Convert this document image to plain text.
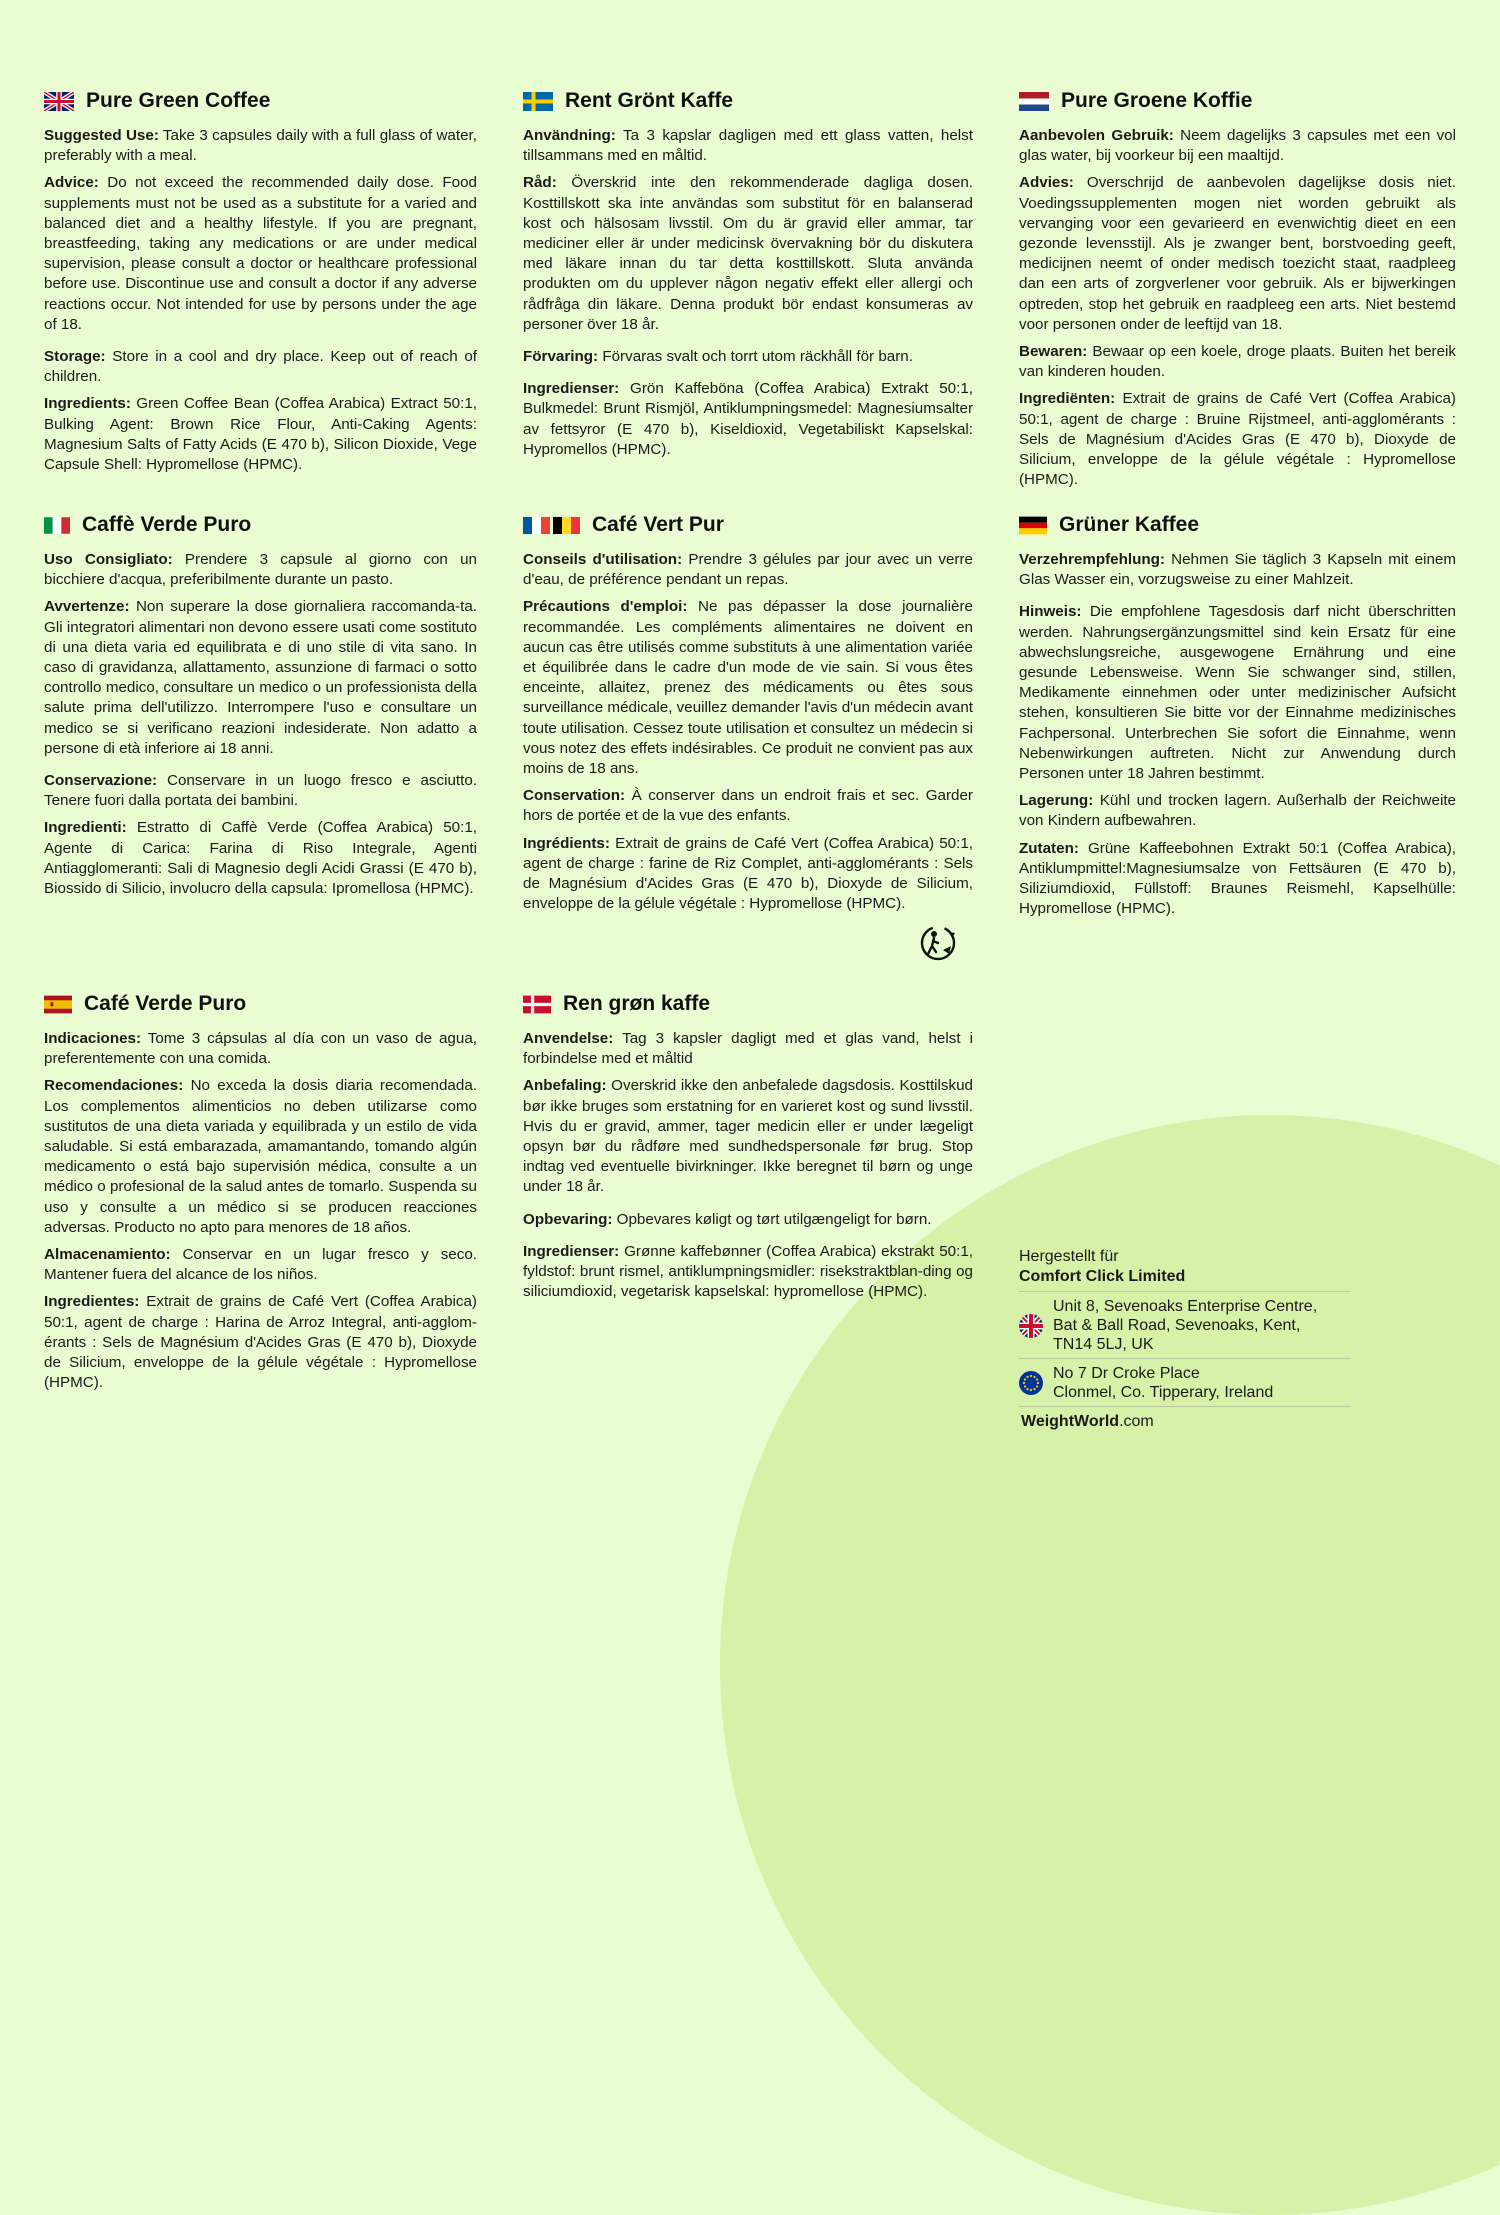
Pure Green Coffee

Suggested Use: Take 3 capsules daily with a full glass of water, preferably with a meal.

Advice: Do not exceed the recommended daily dose. Food supplements must not be used as a substitute for a varied and balanced diet and a healthy lifestyle. If you are pregnant, breastfeeding, taking any medications or are under medical supervision, please consult a doctor or healthcare professional before use. Discontinue use and consult a doctor if any adverse reactions occur. Not intended for use by persons under the age of 18.

Storage: Store in a cool and dry place. Keep out of reach of children.

Ingredients: Green Coffee Bean (Coffea Arabica) Extract 50:1, Bulking Agent: Brown Rice Flour, Anti-Caking Agents: Magnesium Salts of Fatty Acids (E 470 b), Silicon Dioxide, Vege Capsule Shell: Hypromellose (HPMC).

Rent Grönt Kaffe

Användning: Ta 3 kapslar dagligen med ett glass vatten, helst tillsammans med en måltid.

Råd: Överskrid inte den rekommenderade dagliga dosen. Kosttillskott ska inte användas som substitut för en balanserad kost och hälsosam livsstil. Om du är gravid eller ammar, tar mediciner eller är under medicinsk övervakning bör du diskutera med läkare innan du tar detta kosttillskott. Sluta använda produkten om du upplever någon negativ effekt eller allergi och rådfråga din läkare. Denna produkt bör endast konsumeras av personer över 18 år.

Förvaring: Förvaras svalt och torrt utom räckhåll för barn.

Ingredienser: Grön Kaffeböna (Coffea Arabica) Extrakt 50:1, Bulkmedel: Brunt Rismjöl, Antiklumpningsmedel: Magnesiumsalter av fettsyror (E 470 b), Kiseldioxid, Vegetabiliskt Kapselskal: Hypromellos (HPMC).

Pure Groene Koffie

Aanbevolen Gebruik: Neem dagelijks 3 capsules met een vol glas water, bij voorkeur bij een maaltijd.

Advies: Overschrijd de aanbevolen dagelijkse dosis niet. Voedingssupplementen mogen niet worden gebruikt als vervanging voor een gevarieerd en evenwichtig dieet en een gezonde levensstijl. Als je zwanger bent, borstvoeding geeft, medicijnen neemt of onder medisch toezicht staat, raadpleeg dan een arts of zorgverlener voor gebruik. Als er bijwerkingen optreden, stop het gebruik en raadpleeg een arts. Niet bestemd voor personen onder de leeftijd van 18.

Bewaren: Bewaar op een koele, droge plaats. Buiten het bereik van kinderen houden.

Ingrediënten: Extrait de grains de Café Vert (Coffea Arabica) 50:1, agent de charge : Bruine Rijstmeel, anti-agglomérants : Sels de Magnésium d'Acides Gras (E 470 b), Dioxyde de Silicium, enveloppe de la gélule végétale : Hypromellose (HPMC).

Caffè Verde Puro

Uso Consigliato: Prendere 3 capsule al giorno con un bicchiere d'acqua, preferibilmente durante un pasto.

Avvertenze: Non superare la dose giornaliera raccomanda-ta. Gli integratori alimentari non devono essere usati come sostituto di una dieta varia ed equilibrata e di uno stile di vita sano. In caso di gravidanza, allattamento, assunzione di farmaci o sotto controllo medico, consultare un medico o un professionista della salute prima dell'utilizzo. Interrompere l'uso e consultare un medico se si verificano reazioni indesiderate. Non adatto a persone di età inferiore ai 18 anni.

Conservazione: Conservare in un luogo fresco e asciutto. Tenere fuori dalla portata dei bambini.

Ingredienti: Estratto di Caffè Verde (Coffea Arabica) 50:1, Agente di Carica: Farina di Riso Integrale, Agenti Antiagglomeranti: Sali di Magnesio degli Acidi Grassi (E 470 b), Biossido di Silicio, involucro della capsula: Ipromellosa (HPMC).

Café Vert Pur

Conseils d'utilisation: Prendre 3 gélules par jour avec un verre d'eau, de préférence pendant un repas.

Précautions d'emploi: Ne pas dépasser la dose journalière recommandée. Les compléments alimentaires ne doivent en aucun cas être utilisés comme substituts à une alimentation variée et équilibrée dans le cadre d'un mode de vie sain. Si vous êtes enceinte, allaitez, prenez des médicaments ou êtes sous surveillance médicale, veuillez demander l'avis d'un médecin avant toute utilisation. Cessez toute utilisation et consultez un médecin si vous notez des effets indésirables. Ce produit ne convient pas aux moins de 18 ans.

Conservation: À conserver dans un endroit frais et sec. Garder hors de portée et de la vue des enfants.

Ingrédients: Extrait de grains de Café Vert (Coffea Arabica) 50:1, agent de charge : farine de Riz Complet, anti-agglomérants : Sels de Magnésium d'Acides Gras (E 470 b), Dioxyde de Silicium, enveloppe de la gélule végétale : Hypromellose (HPMC).

Grüner Kaffee

Verzehrempfehlung: Nehmen Sie täglich 3 Kapseln mit einem Glas Wasser ein, vorzugsweise zu einer Mahlzeit.

Hinweis: Die empfohlene Tagesdosis darf nicht überschritten werden. Nahrungsergänzungsmittel sind kein Ersatz für eine abwechslungsreiche, ausgewogene Ernährung und eine gesunde Lebensweise. Wenn Sie schwanger sind, stillen, Medikamente einnehmen oder unter medizinischer Aufsicht stehen, konsultieren Sie bitte vor der Einnahme medizinisches Fachpersonal. Unterbrechen Sie sofort die Einnahme, wenn Nebenwirkungen auftreten. Nicht zur Anwendung durch Personen unter 18 Jahren bestimmt.

Lagerung: Kühl und trocken lagern. Außerhalb der Reichweite von Kindern aufbewahren.

Zutaten: Grüne Kaffeebohnen Extrakt 50:1 (Coffea Arabica), Antiklumpmittel:Magnesiumsalze von Fettsäuren (E 470 b), Siliziumdioxid, Füllstoff: Braunes Reismehl, Kapselhülle: Hypromellose (HPMC).

Café Verde Puro

Indicaciones: Tome 3 cápsulas al día con un vaso de agua, preferentemente con una comida.

Recomendaciones: No exceda la dosis diaria recomendada. Los complementos alimenticios no deben utilizarse como sustitutos de una dieta variada y equilibrada y un estilo de vida saludable. Si está embarazada, amamantando, tomando algún medicamento o está bajo supervisión médica, consulte a un médico o profesional de la salud antes de tomarlo. Suspenda su uso y consulte a un médico si se producen reacciones adversas. Producto no apto para menores de 18 años.

Almacenamiento: Conservar en un lugar fresco y seco. Mantener fuera del alcance de los niños.

Ingredientes: Extrait de grains de Café Vert (Coffea Arabica) 50:1, agent de charge : Harina de Arroz Integral, anti-agglom-érants : Sels de Magnésium d'Acides Gras (E 470 b), Dioxyde de Silicium, enveloppe de la gélule végétale : Hypromellose (HPMC).

Ren grøn kaffe

Anvendelse: Tag 3 kapsler dagligt med et glas vand, helst i forbindelse med et måltid

Anbefaling: Overskrid ikke den anbefalede dagsdosis. Kosttilskud bør ikke bruges som erstatning for en varieret kost og sund livsstil. Hvis du er gravid, ammer, tager medicin eller er under lægeligt opsyn bør du rådføre med sundhedspersonale før brug. Stop indtag ved eventuelle bivirkninger. Ikke beregnet til børn og unge under 18 år.

Opbevaring: Opbevares køligt og tørt utilgængeligt for børn.

Ingredienser: Grønne kaffebønner (Coffea Arabica) ekstrakt 50:1, fyldstof: brunt rismel, antiklumpningsmidler: risekstraktblan-ding og siliciumdioxid, vegetarisk kapselskal: hypromellose (HPMC).

Hergestellt für
Comfort Click Limited
Unit 8, Sevenoaks Enterprise Centre,
Bat & Ball Road, Sevenoaks, Kent,
TN14 5LJ, UK
No 7 Dr Croke Place
Clonmel, Co. Tipperary, Ireland
WeightWorld.com
